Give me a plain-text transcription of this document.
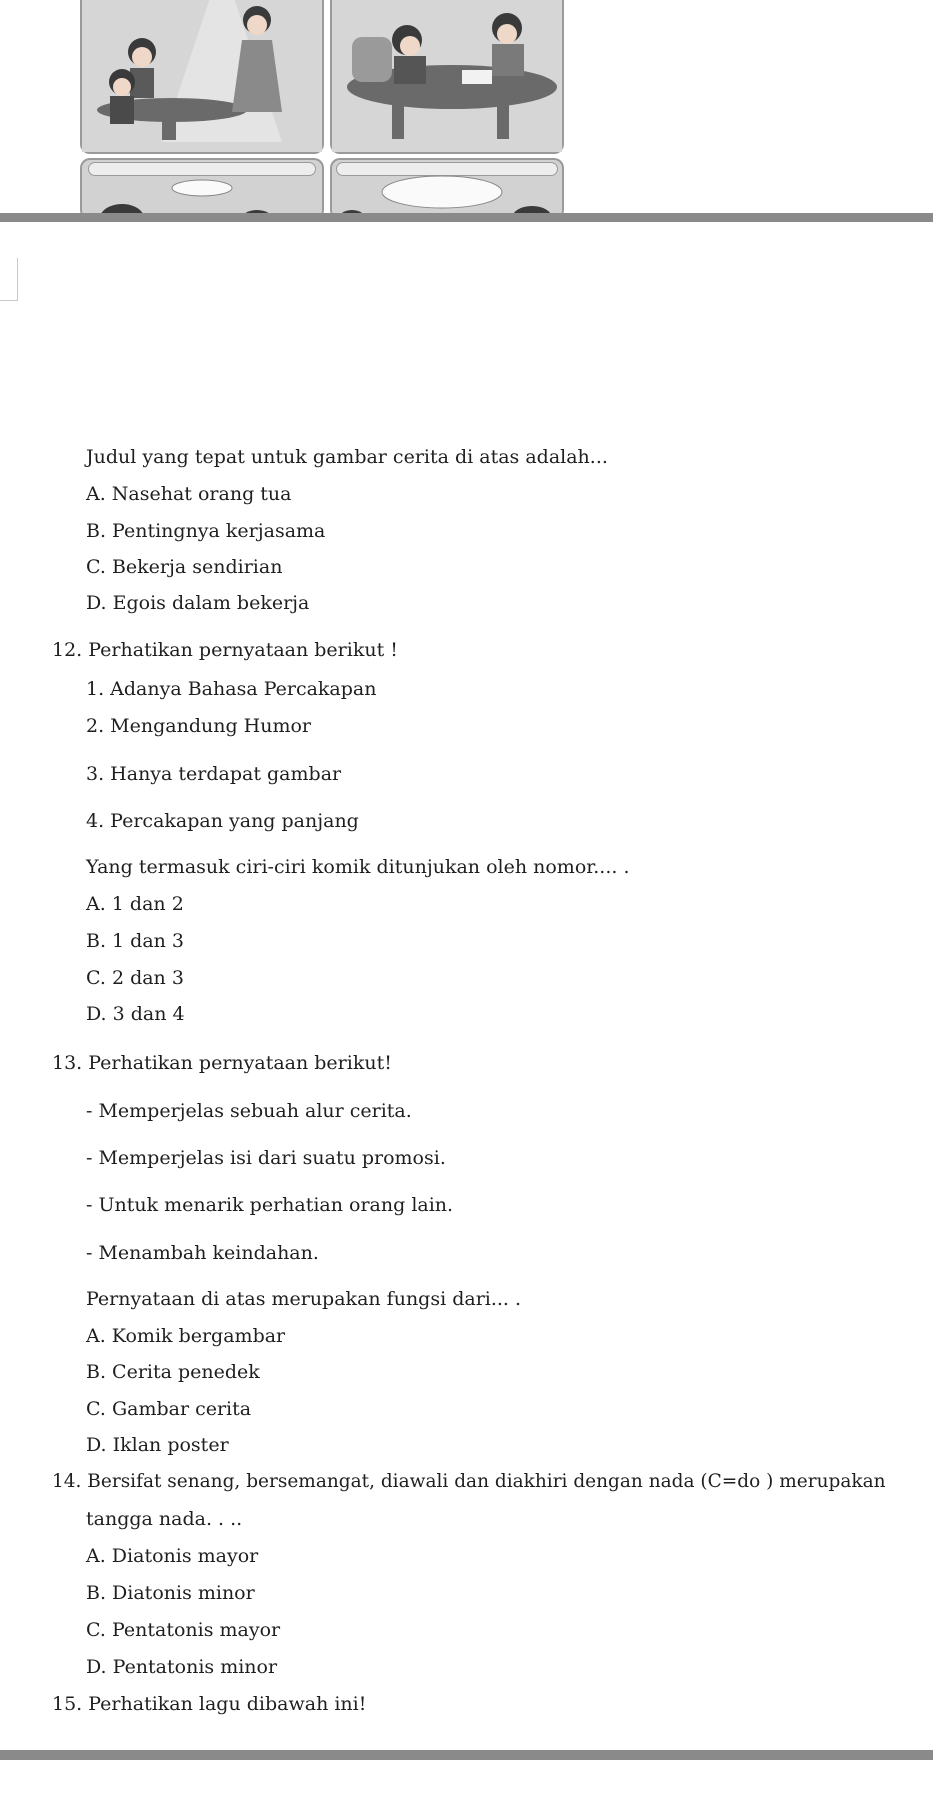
Judul yang tepat untuk gambar cerita di atas adalah...
A. Nasehat orang tua
B. Pentingnya kerjasama
C. Bekerja sendirian
D. Egois dalam bekerja
12. Perhatikan pernyataan berikut !
1. Adanya Bahasa Percakapan
2. Mengandung Humor
3. Hanya terdapat gambar
4. Percakapan yang panjang
Yang termasuk ciri-ciri komik ditunjukan oleh nomor.... .
A. 1 dan 2
B. 1 dan 3
C. 2 dan 3
D. 3 dan 4
13. Perhatikan pernyataan berikut!
- Memperjelas sebuah alur cerita.
- Memperjelas isi dari suatu promosi.
- Untuk menarik perhatian orang lain.
- Menambah keindahan.
Pernyataan di atas merupakan fungsi dari... .
A. Komik bergambar
B. Cerita penedek
C. Gambar cerita
D. Iklan poster
14. Bersifat senang, bersemangat, diawali dan diakhiri dengan nada (C=do ) merupakan
tangga nada. . ..
A. Diatonis mayor
B. Diatonis minor
C. Pentatonis mayor
D. Pentatonis minor
15. Perhatikan lagu dibawah ini!
